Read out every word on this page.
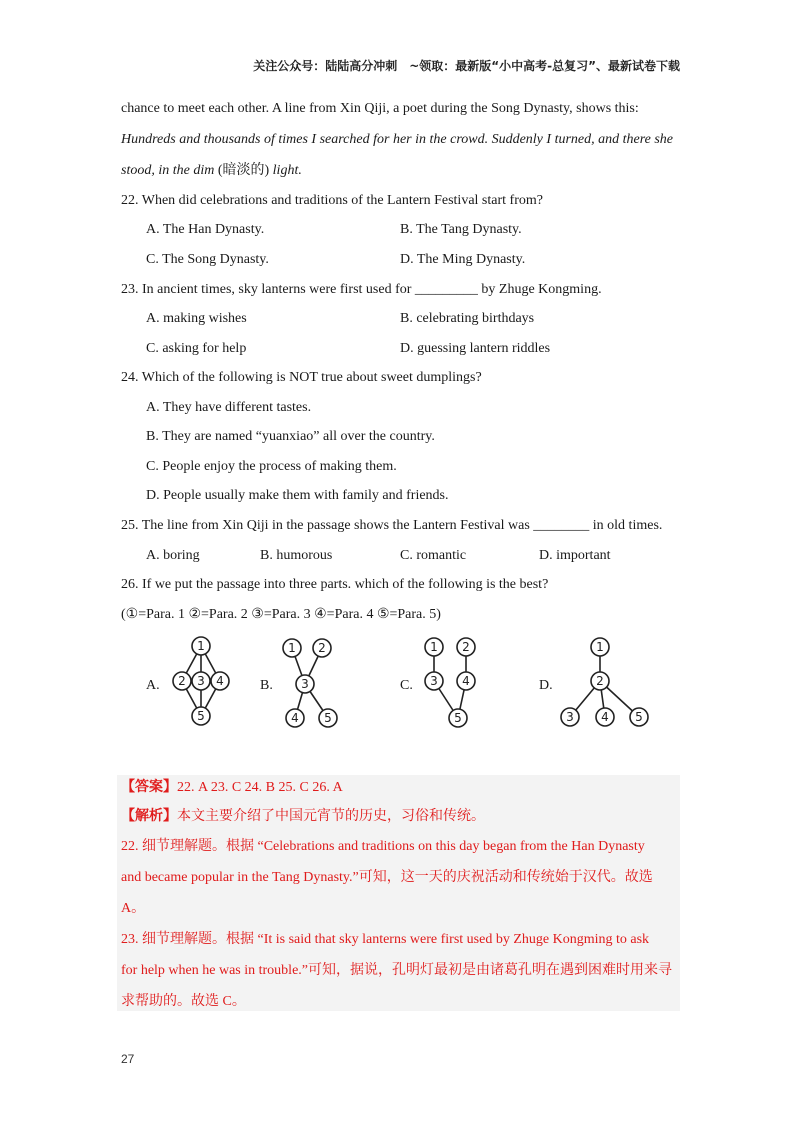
关注公众号：陆陆高分冲刺　~领取：最新版“小中高考-总复习”、最新试卷下载
chance to meet each other. A line from Xin Qiji, a poet during the Song Dynasty, shows this:
Hundreds and thousands of times I searched for her in the crowd. Suddenly I turned, and there she
stood, in the dim (暗淡的) light.
22. When did celebrations and traditions of the Lantern Festival start from?
A. The Han Dynasty.	B. The Tang Dynasty.
C. The Song Dynasty.	D. The Ming Dynasty.
23. In ancient times, sky lanterns were first used for _________ by Zhuge Kongming.
A. making wishes	B. celebrating birthdays
C. asking for help	D. guessing lantern riddles
24. Which of the following is NOT true about sweet dumplings?
A. They have different tastes.
B. They are named “yuanxiao” all over the country.
C. People enjoy the process of making them.
D. People usually make them with family and friends.
25. The line from Xin Qiji in the passage shows the Lantern Festival was ________ in old times.
A. boring	B. humorous	C. romantic	D. important
26. If we put the passage into three parts. which of the following is the best?
(①=Para. 1 ②=Para. 2 ③=Para. 3 ④=Para. 4 ⑤=Para. 5)
A.	B.	C.	D.
1
2 3 4
5
1 2
3
4 5
1 2
3 4
5
1
2
3 4 5
【答案】22. A 23. C 24. B 25. C 26. A
【解析】本文主要介绍了中国元宵节的历史，习俗和传统。
22. 细节理解题。根据 “Celebrations and traditions on this day began from the Han Dynasty
and became popular in the Tang Dynasty.”可知，这一天的庆祝活动和传统始于汉代。故选
A。
23. 细节理解题。根据 “It is said that sky lanterns were first used by Zhuge Kongming to ask
for help when he was in trouble.”可知，据说，孔明灯最初是由诸葛孔明在遇到困难时用来寻
求帮助的。故选 C。
27
